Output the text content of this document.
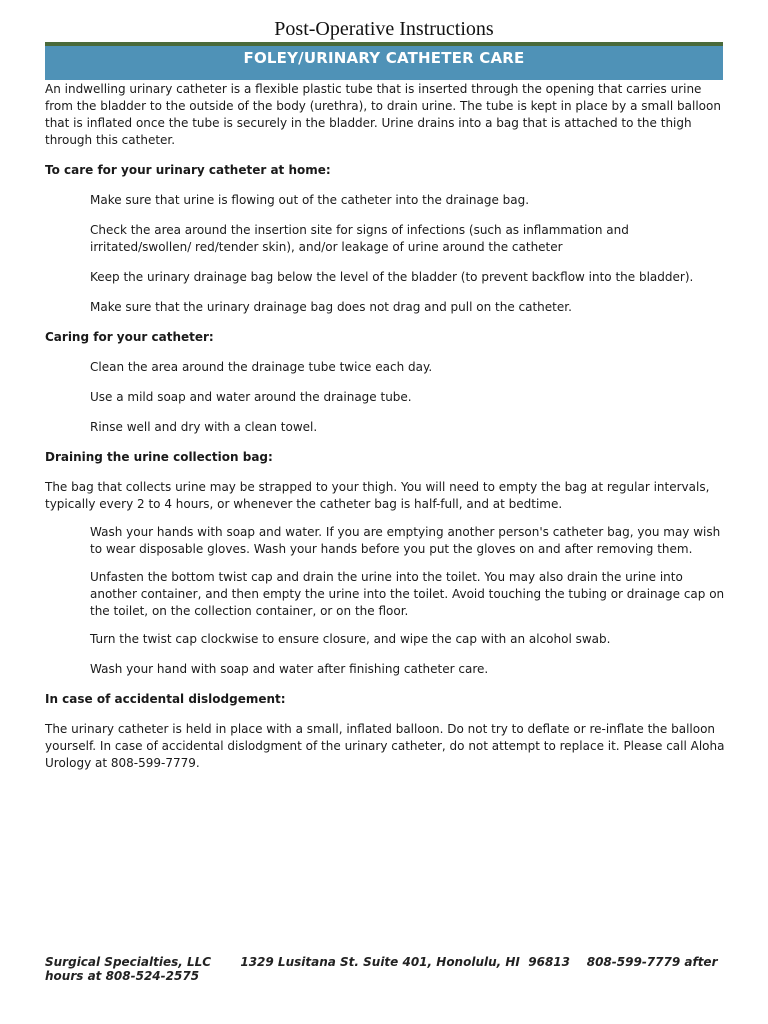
Post-Operative Instructions
FOLEY/URINARY CATHETER CARE

An indwelling urinary catheter is a flexible plastic tube that is inserted through the opening that carries urine from the bladder to the outside of the body (urethra), to drain urine. The tube is kept in place by a small balloon that is inflated once the tube is securely in the bladder. Urine drains into a bag that is attached to the thigh through this catheter.

To care for your urinary catheter at home:

Make sure that urine is flowing out of the catheter into the drainage bag.

Check the area around the insertion site for signs of infections (such as inflammation and irritated/swollen/ red/tender skin), and/or leakage of urine around the catheter

Keep the urinary drainage bag below the level of the bladder (to prevent backflow into the bladder).

Make sure that the urinary drainage bag does not drag and pull on the catheter.

Caring for your catheter:

Clean the area around the drainage tube twice each day.

Use a mild soap and water around the drainage tube.

Rinse well and dry with a clean towel.

Draining the urine collection bag:

The bag that collects urine may be strapped to your thigh. You will need to empty the bag at regular intervals, typically every 2 to 4 hours, or whenever the catheter bag is half-full, and at bedtime.

Wash your hands with soap and water. If you are emptying another person's catheter bag, you may wish to wear disposable gloves. Wash your hands before you put the gloves on and after removing them.

Unfasten the bottom twist cap and drain the urine into the toilet. You may also drain the urine into another container, and then empty the urine into the toilet. Avoid touching the tubing or drainage cap on the toilet, on the collection container, or on the floor.

Turn the twist cap clockwise to ensure closure, and wipe the cap with an alcohol swab.

Wash your hand with soap and water after finishing catheter care.

In case of accidental dislodgement:

The urinary catheter is held in place with a small, inflated balloon. Do not try to deflate or re-inflate the balloon yourself. In case of accidental dislodgment of the urinary catheter, do not attempt to replace it. Please call Aloha Urology at 808-599-7779.

Surgical Specialties, LLC 1329 Lusitana St. Suite 401, Honolulu, HI  96813 808-599-7779 after hours at 808-524-2575
